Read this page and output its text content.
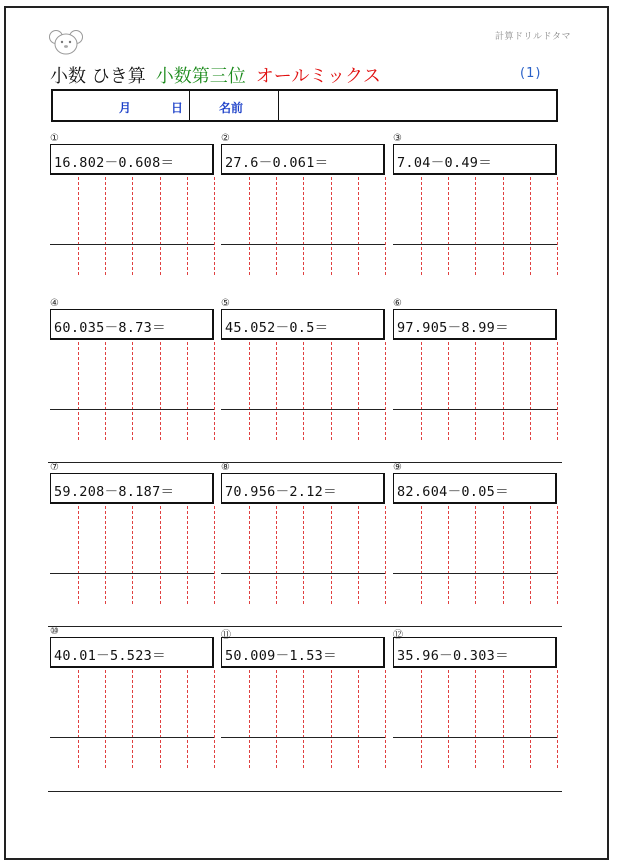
計算ドリルドタマ
小数 ひき算 小数第三位 オールミックス	(1)
月	日	名前
①
16.802－0.608＝
②
27.6－0.061＝
③
7.04－0.49＝
④
60.035－8.73＝
⑤
45.052－0.5＝
⑥
97.905－8.99＝
⑦
59.208－8.187＝
⑧
70.956－2.12＝
⑨
82.604－0.05＝
⑩
40.01－5.523＝
⑪
50.009－1.53＝
⑫
35.96－0.303＝
